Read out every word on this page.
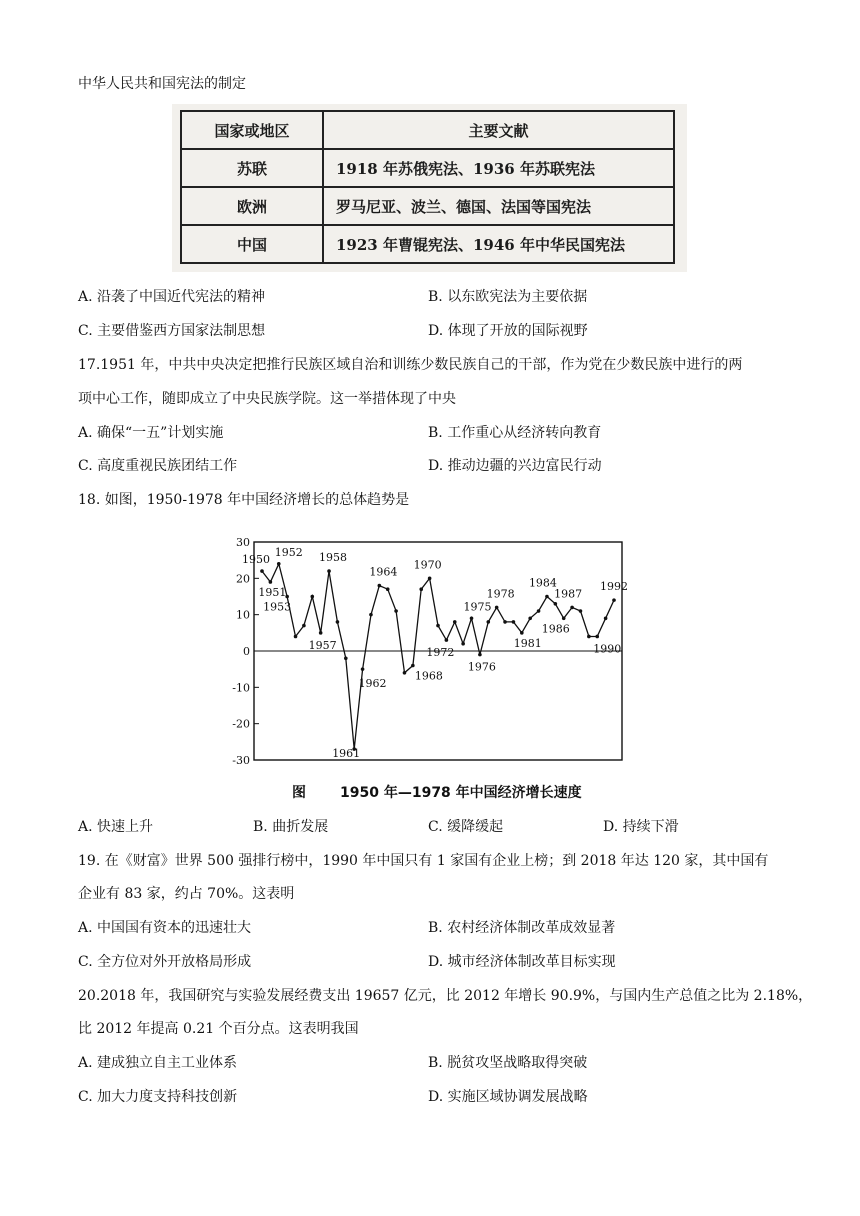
中华人民共和国宪法的制定
国家或地区	主要文献
苏联	1918 年苏俄宪法、1936 年苏联宪法
欧洲	罗马尼亚、波兰、德国、法国等国宪法
中国	1923 年曹锟宪法、1946 年中华民国宪法
A. 沿袭了中国近代宪法的精神	B. 以东欧宪法为主要依据
C. 主要借鉴西方国家法制思想	D. 体现了开放的国际视野
17.1951 年，中共中央决定把推行民族区域自治和训练少数民族自己的干部，作为党在少数民族中进行的两
项中心工作，随即成立了中央民族学院。这一举措体现了中央
A. 确保“一五”计划实施	B. 工作重心从经济转向教育
C. 高度重视民族团结工作	D. 推动边疆的兴边富民行动
18. 如图，1950-1978 年中国经济增长的总体趋势是
30
20
10
0
-10
-20
-30
1950
1951
1952
1953
1957
1958
1961
1962
1964
1968
1970
1972
1975
1976
1978
1981
1984
1986
1987
1990
1992
图 1950 年—1978 年中国经济增长速度
A. 快速上升	B. 曲折发展	C. 缓降缓起	D. 持续下滑
19. 在《财富》世界 500 强排行榜中，1990 年中国只有 1 家国有企业上榜；到 2018 年达 120 家，其中国有
企业有 83 家，约占 70%。这表明
A. 中国国有资本的迅速壮大	B. 农村经济体制改革成效显著
C. 全方位对外开放格局形成	D. 城市经济体制改革目标实现
20.2018 年，我国研究与实验发展经费支出 19657 亿元，比 2012 年增长 90.9%，与国内生产总值之比为 2.18%，
比 2012 年提高 0.21 个百分点。这表明我国
A. 建成独立自主工业体系	B. 脱贫攻坚战略取得突破
C. 加大力度支持科技创新	D. 实施区域协调发展战略
